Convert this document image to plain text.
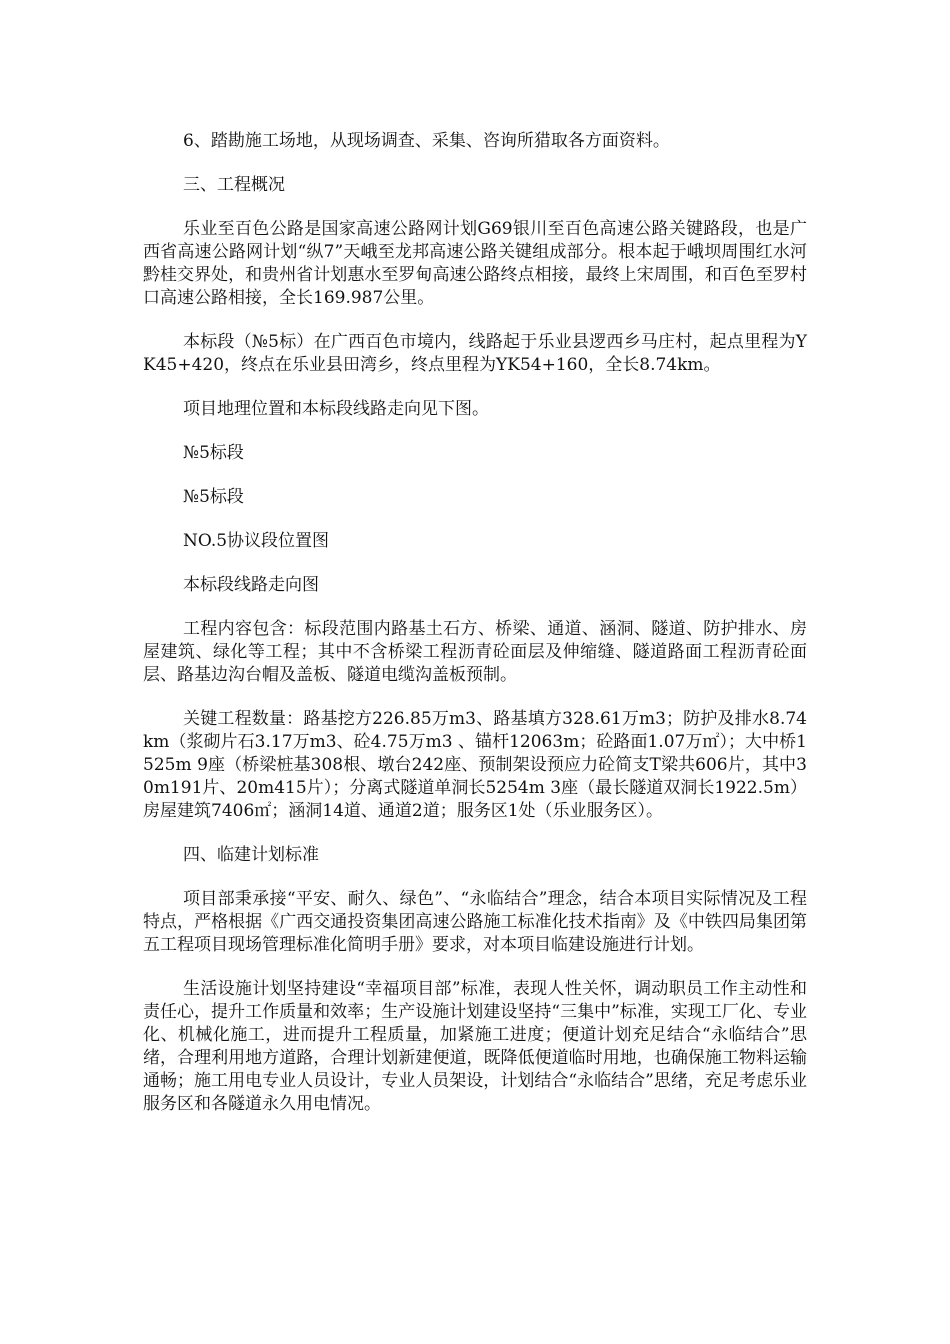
6、踏勘施工场地，从现场调查、采集、咨询所猎取各方面资料。

三、工程概况

乐业至百色公路是国家高速公路网计划G69银川至百色高速公路关键路段，也是广西省高速公路网计划“纵7”天峨至龙邦高速公路关键组成部分。根本起于峨坝周围红水河黔桂交界处，和贵州省计划惠水至罗甸高速公路终点相接，最终上宋周围，和百色至罗村口高速公路相接，全长169.987公里。

本标段（№5标）在广西百色市境内，线路起于乐业县逻西乡马庄村，起点里程为YK45+420，终点在乐业县田湾乡，终点里程为YK54+160，全长8.74km。

项目地理位置和本标段线路走向见下图。

№5标段

№5标段

NO.5协议段位置图

本标段线路走向图

工程内容包含：标段范围内路基土石方、桥梁、通道、涵洞、隧道、防护排水、房屋建筑、绿化等工程；其中不含桥梁工程沥青砼面层及伸缩缝、隧道路面工程沥青砼面层、路基边沟台帽及盖板、隧道电缆沟盖板预制。

关键工程数量：路基挖方226.85万m3、路基填方328.61万m3；防护及排水8.74km（浆砌片石3.17万m3、砼4.75万m3 、锚杆12063m；砼路面1.07万㎡）；大中桥1525m 9座（桥梁桩基308根、墩台242座、预制架设预应力砼简支T梁共606片，其中30m191片、20m415片）；分离式隧道单洞长5254m 3座（最长隧道双洞长1922.5m）房屋建筑7406㎡；涵洞14道、通道2道；服务区1处（乐业服务区）。

四、临建计划标准

项目部秉承接“平安、耐久、绿色”、“永临结合”理念，结合本项目实际情况及工程特点，严格根据《广西交通投资集团高速公路施工标准化技术指南》及《中铁四局集团第五工程项目现场管理标准化简明手册》要求，对本项目临建设施进行计划。

生活设施计划坚持建设“幸福项目部”标准，表现人性关怀，调动职员工作主动性和责任心，提升工作质量和效率；生产设施计划建设坚持“三集中”标准，实现工厂化、专业化、机械化施工，进而提升工程质量，加紧施工进度；便道计划充足结合“永临结合”思绪，合理利用地方道路，合理计划新建便道，既降低便道临时用地，也确保施工物料运输通畅；施工用电专业人员设计，专业人员架设，计划结合“永临结合”思绪，充足考虑乐业服务区和各隧道永久用电情况。
